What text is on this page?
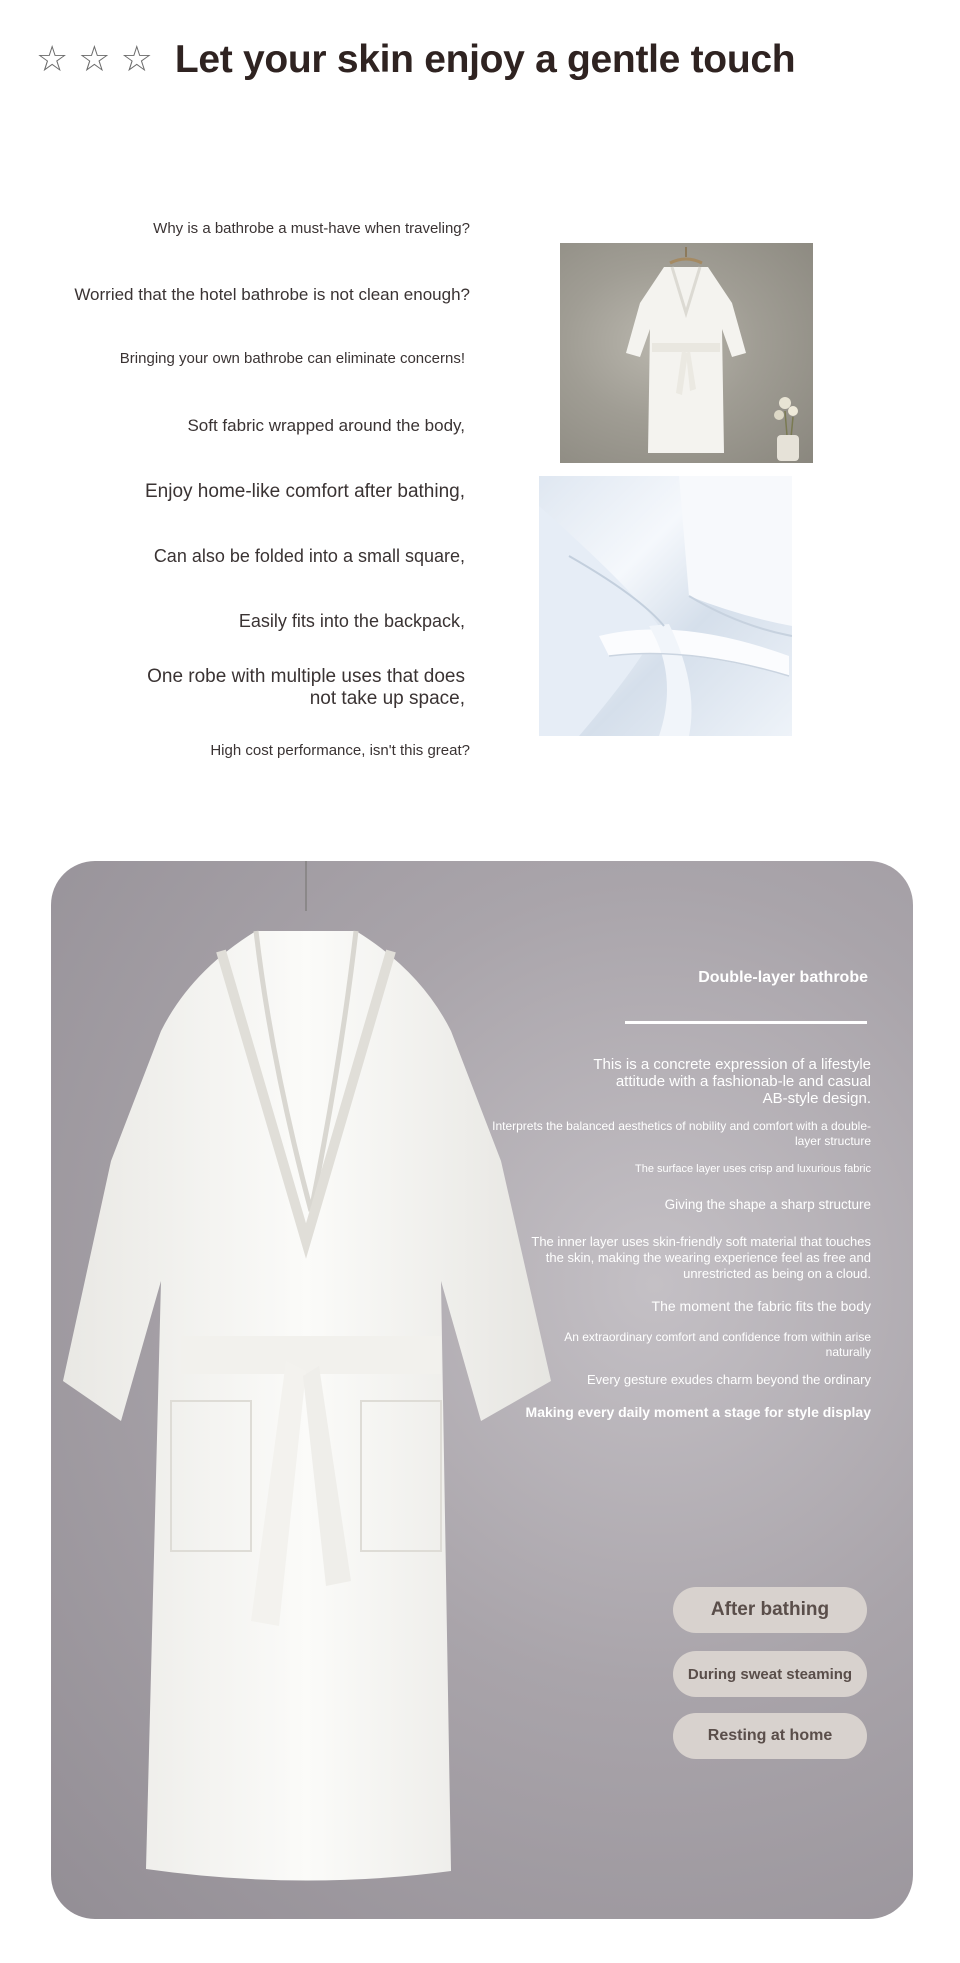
☆ ☆ ☆ Let your skin enjoy a gentle touch
Why is a bathrobe a must-have when traveling?
Worried that the hotel bathrobe is not clean enough?
Bringing your own bathrobe can eliminate concerns!
Soft fabric wrapped around the body,
Enjoy home-like comfort after bathing,
Can also be folded into a small square,
Easily fits into the backpack,
One robe with multiple uses that does not take up space,
High cost performance, isn't this great?
Double-layer bathrobe
This is a concrete expression of a lifestyle attitude with a fashionab-le and casual AB-style design.
Interprets the balanced aesthetics of nobility and comfort with a double-layer structure
The surface layer uses crisp and luxurious fabric
Giving the shape a sharp structure
The inner layer uses skin-friendly soft material that touches the skin, making the wearing experience feel as free and unrestricted as being on a cloud.
The moment the fabric fits the body
An extraordinary comfort and confidence from within arise naturally
Every gesture exudes charm beyond the ordinary
Making every daily moment a stage for style display
After bathing
During sweat steaming
Resting at home
